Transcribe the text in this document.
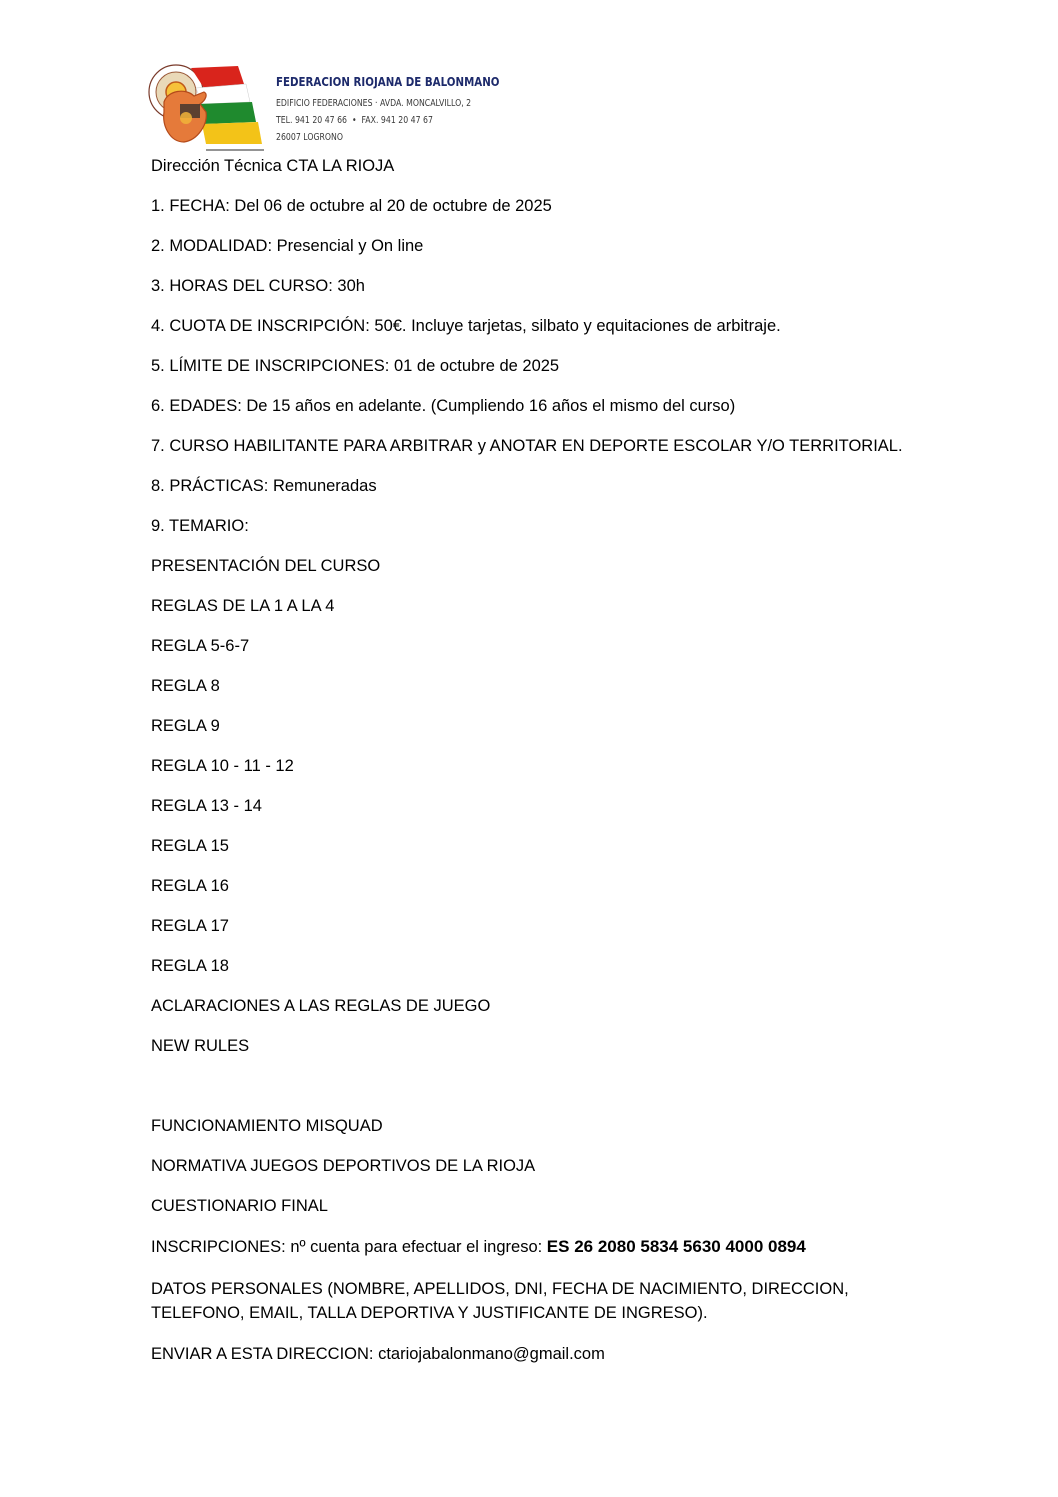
FEDERACION RIOJANA DE BALONMANO
EDIFICIO FEDERACIONES · AVDA. MONCALVILLO, 2
TEL. 941 20 47 66  •  FAX. 941 20 47 67
26007 LOGROÑO
Dirección Técnica CTA LA RIOJA
1. FECHA: Del 06 de octubre al 20 de octubre de 2025
2. MODALIDAD: Presencial y On line
3. HORAS DEL CURSO: 30h
4. CUOTA DE INSCRIPCIÓN: 50€. Incluye tarjetas, silbato y equitaciones de arbitraje.
5. LÍMITE DE INSCRIPCIONES: 01 de octubre de 2025
6. EDADES: De 15 años en adelante. (Cumpliendo 16 años el mismo del curso)
7. CURSO HABILITANTE PARA ARBITRAR y ANOTAR EN DEPORTE ESCOLAR Y/O TERRITORIAL.
8. PRÁCTICAS: Remuneradas
9. TEMARIO:
PRESENTACIÓN DEL CURSO
REGLAS DE LA 1 A LA 4
REGLA 5-6-7
REGLA 8
REGLA 9
REGLA 10 - 11 - 12
REGLA 13 - 14
REGLA 15
REGLA 16
REGLA 17
REGLA 18
ACLARACIONES A LAS REGLAS DE JUEGO
NEW RULES
FUNCIONAMIENTO MISQUAD
NORMATIVA JUEGOS DEPORTIVOS DE LA RIOJA
CUESTIONARIO FINAL
INSCRIPCIONES: nº cuenta para efectuar el ingreso: ES 26 2080 5834 5630 4000 0894
DATOS PERSONALES (NOMBRE, APELLIDOS, DNI, FECHA DE NACIMIENTO, DIRECCION,
TELEFONO, EMAIL, TALLA DEPORTIVA Y JUSTIFICANTE DE INGRESO).
ENVIAR A ESTA DIRECCION: ctariojabalonmano@gmail.com
